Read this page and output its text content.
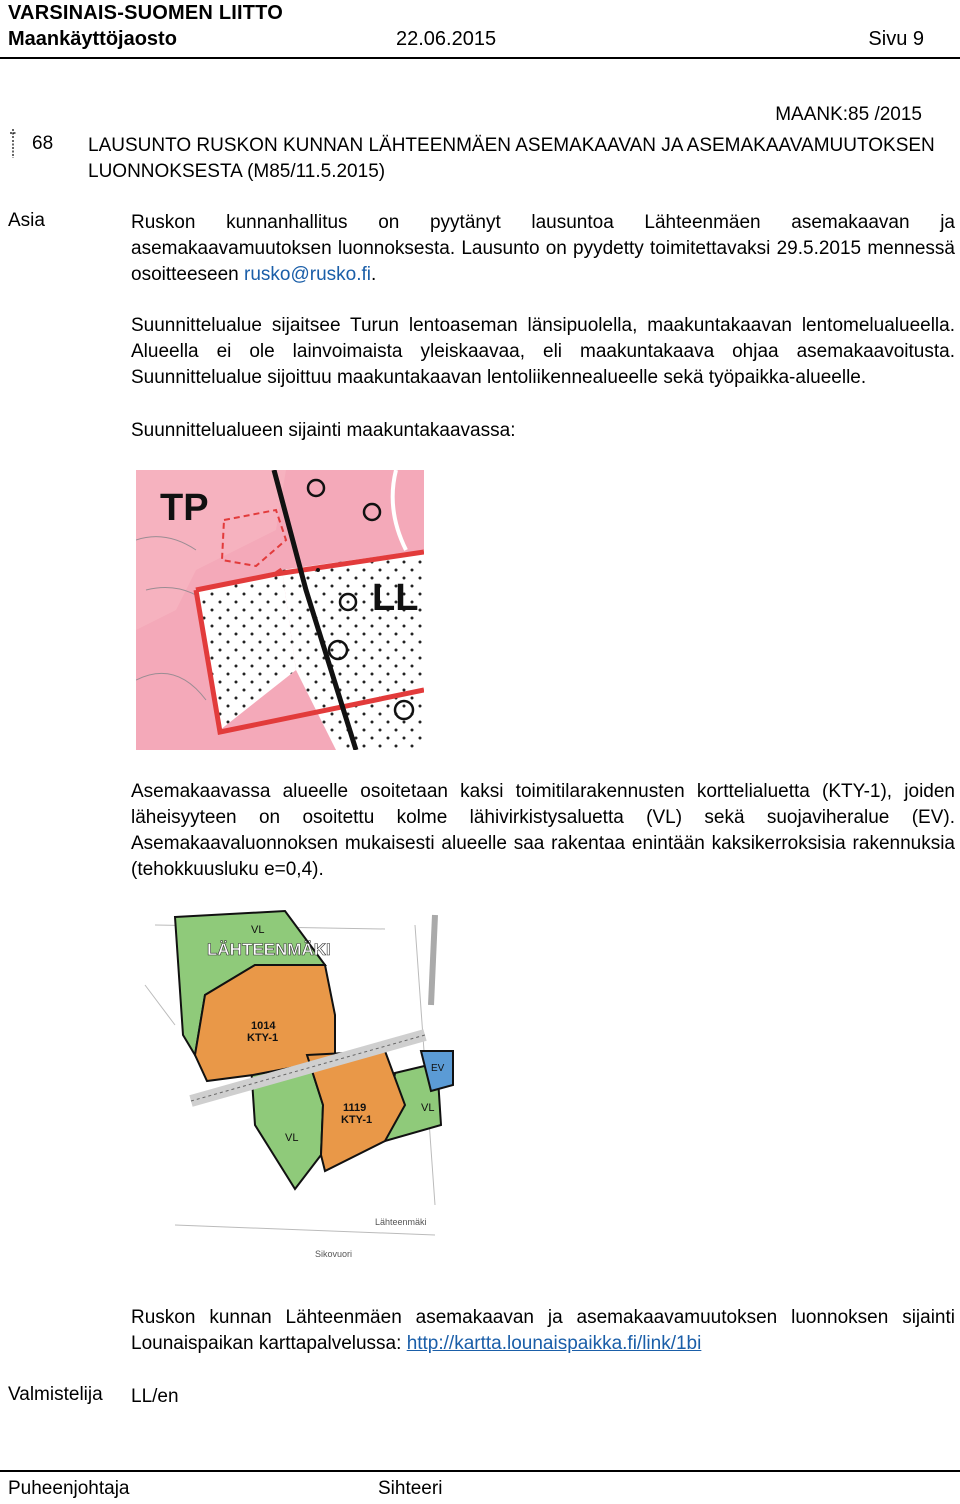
VARSINAIS-SUOMEN LIITTO
Maankäyttöjaosto	22.06.2015	Sivu 9
MAANK:85 /2015
68 LAUSUNTO RUSKON KUNNAN LÄHTEENMÄEN ASEMAKAAVAN JA ASEMAKAAVAMUUTOKSEN LUONNOKSESTA (M85/11.5.2015)
Asia	Ruskon kunnanhallitus on pyytänyt lausuntoa Lähteenmäen asemakaavan ja asemakaavamuutoksen luonnoksesta. Lausunto on pyydetty toimitettavaksi 29.5.2015 mennessä osoitteeseen rusko@rusko.fi.
Suunnittelualue sijaitsee Turun lentoaseman länsipuolella, maakuntakaavan lentomelualueella. Alueella ei ole lainvoimaista yleiskaavaa, eli maakuntakaava ohjaa asemakaavoitusta. Suunnittelualue sijoittuu maakuntakaavan lentoliikennealueelle sekä työpaikka-alueelle.
Suunnittelualueen sijainti maakuntakaavassa:
TP
LL
Asemakaavassa alueelle osoitetaan kaksi toimitilarakennusten korttelialuetta (KTY-1), joiden läheisyyteen on osoitettu kolme lähivirkistysaluetta (VL) sekä suojaviheralue (EV). Asemakaavaluonnoksen mukaisesti alueelle saa rakentaa enintään kaksikerroksisia rakennuksia (tehokkuusluku e=0,4).
LÄHTEENMÄKI
VL
1014
KTY-1
1119
KTY-1
VL
VL
EV
Lähteenmäki
Sikovuori
Ruskon kunnan Lähteenmäen asemakaavan ja asemakaavamuutoksen luonnoksen sijainti Lounaispaikan karttapalvelussa: http://kartta.lounaispaikka.fi/link/1bi
Valmistelija LL/en
Puheenjohtaja	Sihteeri
